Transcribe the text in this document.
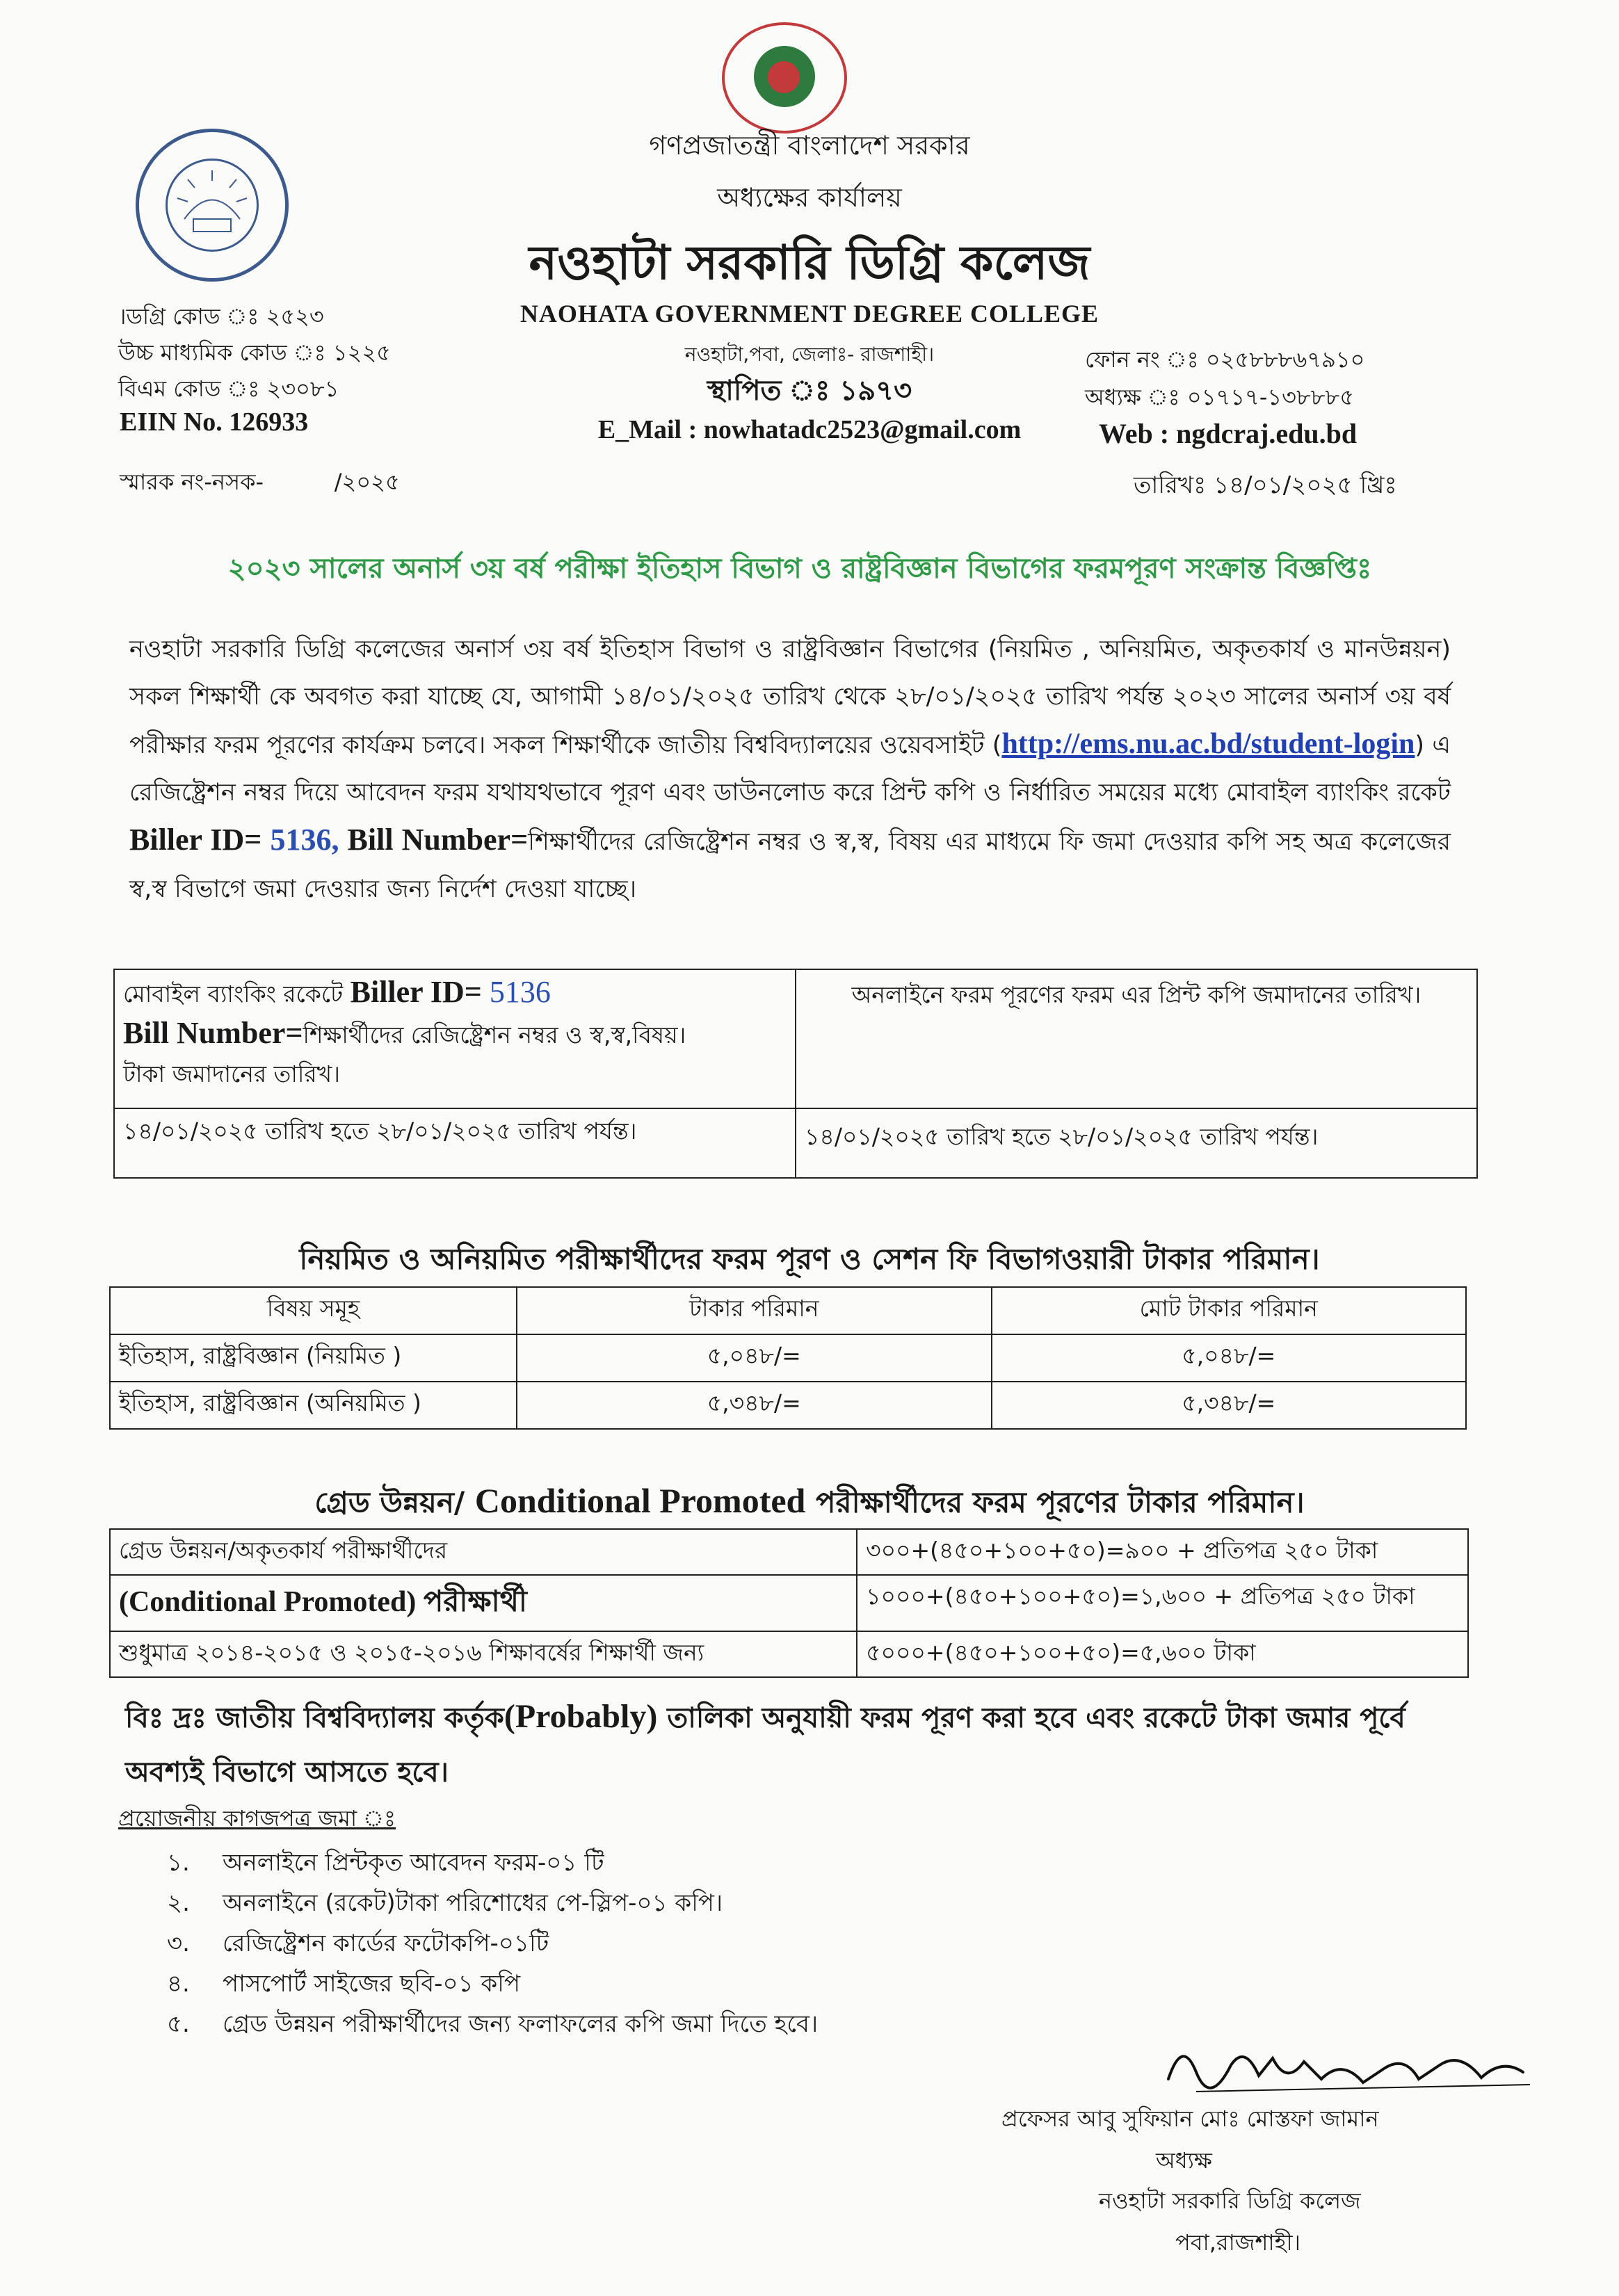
গণপ্রজাতন্ত্রী বাংলাদেশ সরকার
অধ্যক্ষের কার্যালয়
নওহাটা সরকারি ডিগ্রি কলেজ
NAOHATA GOVERNMENT DEGREE COLLEGE
নওহাটা,পবা, জেলাঃ- রাজশাহী।
স্থাপিত ঃ ১৯৭৩
E_Mail : nowhatadc2523@gmail.com
।ডগ্রি কোড ঃ ২৫২৩
উচ্চ মাধ্যমিক কোড ঃ ১২২৫
বিএম কোড ঃ ২৩০৮১
EIIN No. 126933
ফোন নং ঃ ০২৫৮৮৮৬৭৯১০
অধ্যক্ষ ঃ ০১৭১৭-১৩৮৮৮৫
Web : ngdcraj.edu.bd
স্মারক নং-নসক-          /২০২৫	তারিখঃ ১৪/০১/২০২৫ খ্রিঃ
২০২৩ সালের অনার্স ৩য় বর্ষ পরীক্ষা ইতিহাস বিভাগ ও রাষ্ট্রবিজ্ঞান বিভাগের ফরমপূরণ সংক্রান্ত বিজ্ঞপ্তিঃ
নওহাটা সরকারি ডিগ্রি কলেজের অনার্স ৩য় বর্ষ ইতিহাস বিভাগ ও রাষ্ট্রবিজ্ঞান বিভাগের (নিয়মিত , অনিয়মিত, অকৃতকার্য ও মানউন্নয়ন) সকল শিক্ষার্থী কে অবগত করা যাচ্ছে যে, আগামী ১৪/০১/২০২৫ তারিখ থেকে ২৮/০১/২০২৫ তারিখ পর্যন্ত ২০২৩ সালের অনার্স ৩য় বর্ষ পরীক্ষার ফরম পূরণের কার্যক্রম চলবে। সকল শিক্ষার্থীকে জাতীয় বিশ্ববিদ্যালয়ের ওয়েবসাইট (http://ems.nu.ac.bd/student-login) এ রেজিষ্ট্রেশন নম্বর দিয়ে আবেদন ফরম যথাযথভাবে পূরণ এবং ডাউনলোড করে প্রিন্ট কপি ও নির্ধারিত সময়ের মধ্যে মোবাইল ব্যাংকিং রকেট Biller ID= 5136, Bill Number=শিক্ষার্থীদের রেজিষ্ট্রেশন নম্বর ও স্ব,স্ব, বিষয় এর মাধ্যমে ফি জমা দেওয়ার কপি সহ অত্র কলেজের স্ব,স্ব বিভাগে জমা দেওয়ার জন্য নির্দেশ দেওয়া যাচ্ছে।
মোবাইল ব্যাংকিং রকেটে Biller ID= 5136
Bill Number=শিক্ষার্থীদের রেজিষ্ট্রেশন নম্বর ও স্ব,স্ব,বিষয়।
টাকা জমাদানের তারিখ।	অনলাইনে ফরম পূরণের ফরম এর প্রিন্ট কপি জমাদানের তারিখ।
১৪/০১/২০২৫ তারিখ হতে ২৮/০১/২০২৫ তারিখ পর্যন্ত।	১৪/০১/২০২৫ তারিখ হতে ২৮/০১/২০২৫ তারিখ পর্যন্ত।
নিয়মিত ও অনিয়মিত পরীক্ষার্থীদের ফরম পূরণ ও সেশন ফি বিভাগওয়ারী টাকার পরিমান।
বিষয় সমূহ	টাকার পরিমান	মোট টাকার পরিমান
ইতিহাস, রাষ্ট্রবিজ্ঞান (নিয়মিত )	৫,০৪৮/=	৫,০৪৮/=
ইতিহাস, রাষ্ট্রবিজ্ঞান (অনিয়মিত )	৫,৩৪৮/=	৫,৩৪৮/=
গ্রেড উন্নয়ন/ Conditional Promoted পরীক্ষার্থীদের ফরম পূরণের টাকার পরিমান।
গ্রেড উন্নয়ন/অকৃতকার্য পরীক্ষার্থীদের	৩০০+(৪৫০+১০০+৫০)=৯০০ + প্রতিপত্র ২৫০ টাকা
(Conditional Promoted) পরীক্ষার্থী	১০০০+(৪৫০+১০০+৫০)=১,৬০০ + প্রতিপত্র ২৫০ টাকা
শুধুমাত্র ২০১৪-২০১৫ ও ২০১৫-২০১৬ শিক্ষাবর্ষের শিক্ষার্থী জন্য	৫০০০+(৪৫০+১০০+৫০)=৫,৬০০ টাকা
বিঃ দ্রঃ জাতীয় বিশ্ববিদ্যালয় কর্তৃক(Probably) তালিকা অনুযায়ী ফরম পূরণ করা হবে এবং রকেটে টাকা জমার পূর্বে অবশ্যই বিভাগে আসতে হবে।
প্রয়োজনীয় কাগজপত্র জমা ঃ
১. অনলাইনে প্রিন্টকৃত আবেদন ফরম-০১ টি
২. অনলাইনে (রকেট)টাকা পরিশোধের পে-স্লিপ-০১ কপি।
৩. রেজিষ্ট্রেশন কার্ডের ফটোকপি-০১টি
৪. পাসপোর্ট সাইজের ছবি-০১ কপি
৫. গ্রেড উন্নয়ন পরীক্ষার্থীদের জন্য ফলাফলের কপি জমা দিতে হবে।
প্রফেসর আবু সুফিয়ান মোঃ মোস্তফা জামান
অধ্যক্ষ
নওহাটা সরকারি ডিগ্রি কলেজ
পবা,রাজশাহী।
